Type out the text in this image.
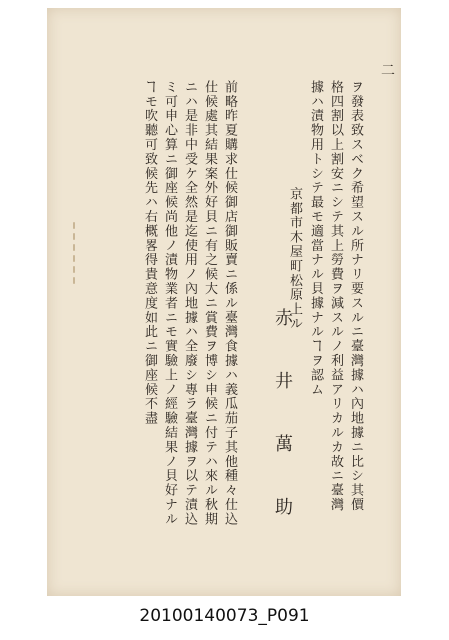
二
ヲ發表致スベク希望スル所ナリ要スルニ臺灣據ハ內地據ニ比シ其價
格四割以上割安ニシテ其上勞費ヲ減スルノ利益アリカルカ故ニ臺灣
據ハ漬物用トシテ最モ適當ナル貝據ナルヿヲ認ム
京都市木屋町松原上ル
赤 井 萬 助
前略昨夏購求仕候御店御販賣ニ係ル臺灣食據ハ義瓜茄子其他種々仕込
仕候處其結果案外好貝ニ有之候大ニ賞費ヲ博シ申候ニ付テハ來ル秋期
ニハ是非中受ケ全然是迄使用ノ內地據ハ全廢シ專ラ臺灣據ヲ以テ漬込
ミ可申心算ニ御座候尚他ノ漬物業者ニモ實驗上ノ經驗結果ノ貝好ナル
ヿモ吹聽可致候先ハ右概畧得貴意度如此ニ御座候不盡
20100140073_P091
